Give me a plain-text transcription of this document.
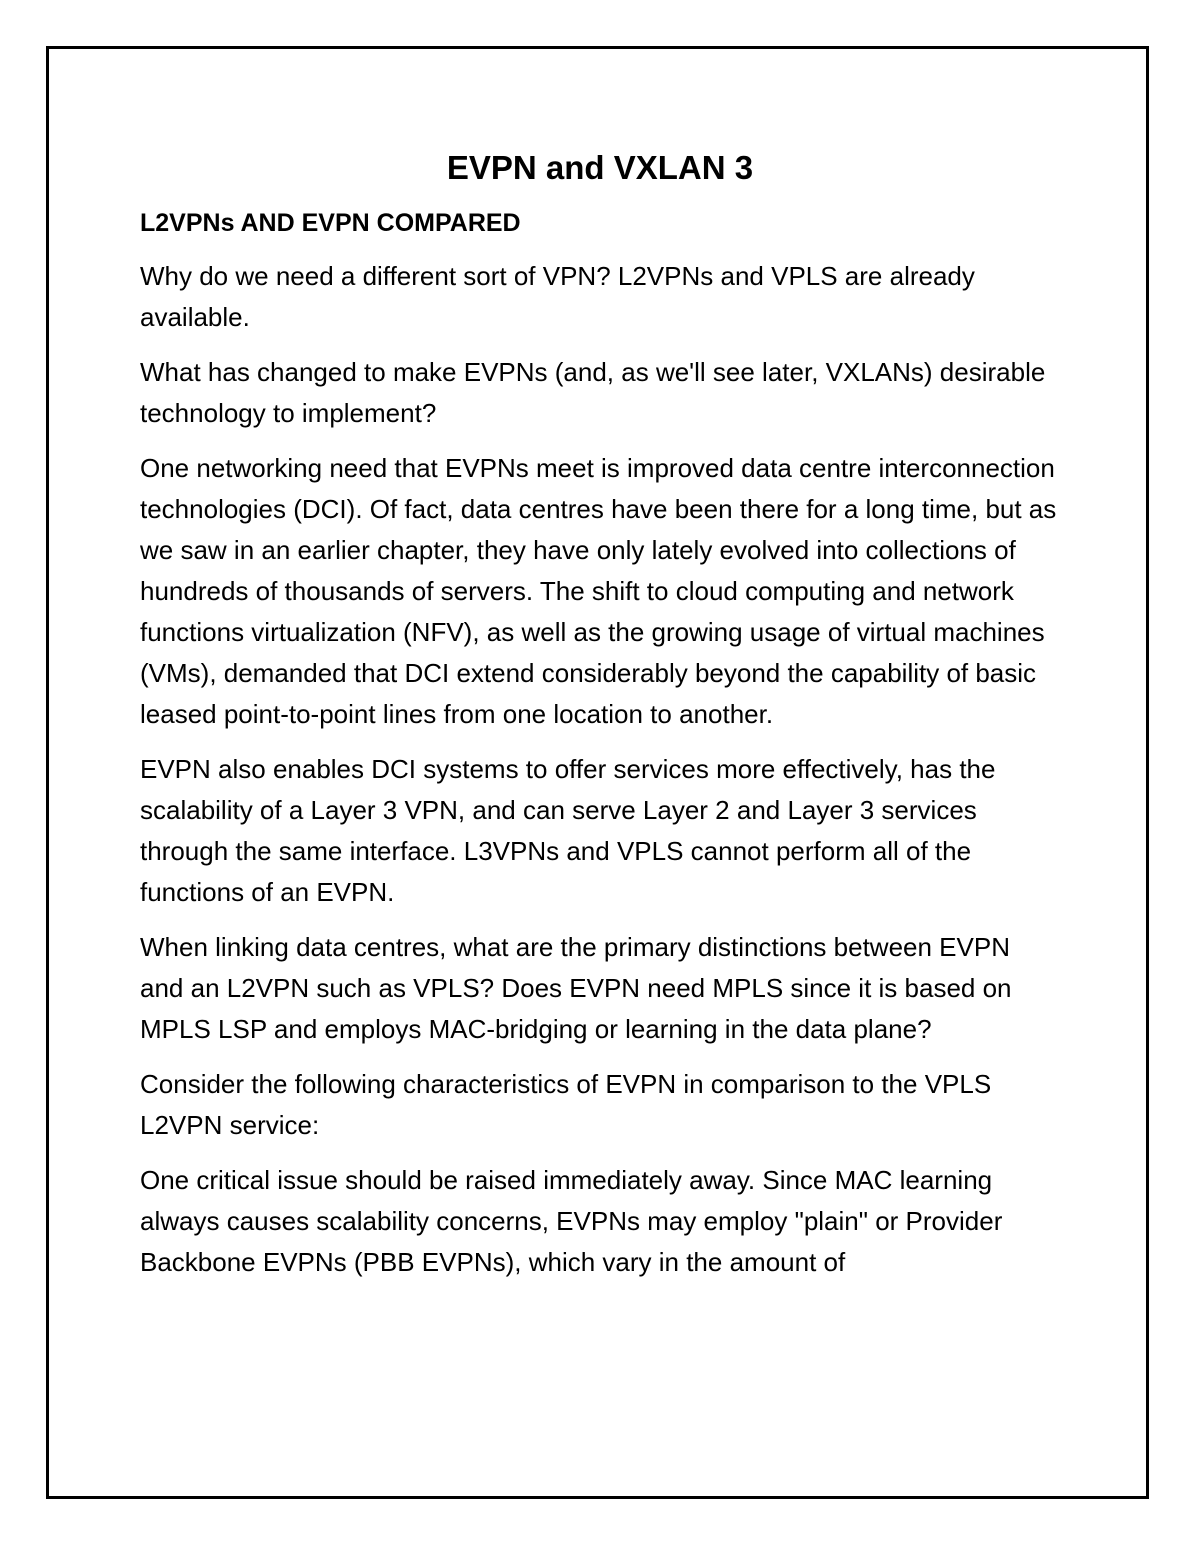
EVPN and VXLAN 3
L2VPNs AND EVPN COMPARED

Why do we need a different sort of VPN? L2VPNs and VPLS are already available.

What has changed to make EVPNs (and, as we'll see later, VXLANs) desirable technology to implement?

One networking need that EVPNs meet is improved data centre interconnection technologies (DCI). Of fact, data centres have been there for a long time, but as we saw in an earlier chapter, they have only lately evolved into collections of hundreds of thousands of servers. The shift to cloud computing and network functions virtualization (NFV), as well as the growing usage of virtual machines (VMs), demanded that DCI extend considerably beyond the capability of basic leased point-to-point lines from one location to another.

EVPN also enables DCI systems to offer services more effectively, has the scalability of a Layer 3 VPN, and can serve Layer 2 and Layer 3 services through the same interface. L3VPNs and VPLS cannot perform all of the functions of an EVPN.

When linking data centres, what are the primary distinctions between EVPN and an L2VPN such as VPLS? Does EVPN need MPLS since it is based on MPLS LSP and employs MAC-bridging or learning in the data plane?

Consider the following characteristics of EVPN in comparison to the VPLS L2VPN service:

One critical issue should be raised immediately away. Since MAC learning always causes scalability concerns, EVPNs may employ "plain" or Provider Backbone EVPNs (PBB EVPNs), which vary in the amount of
